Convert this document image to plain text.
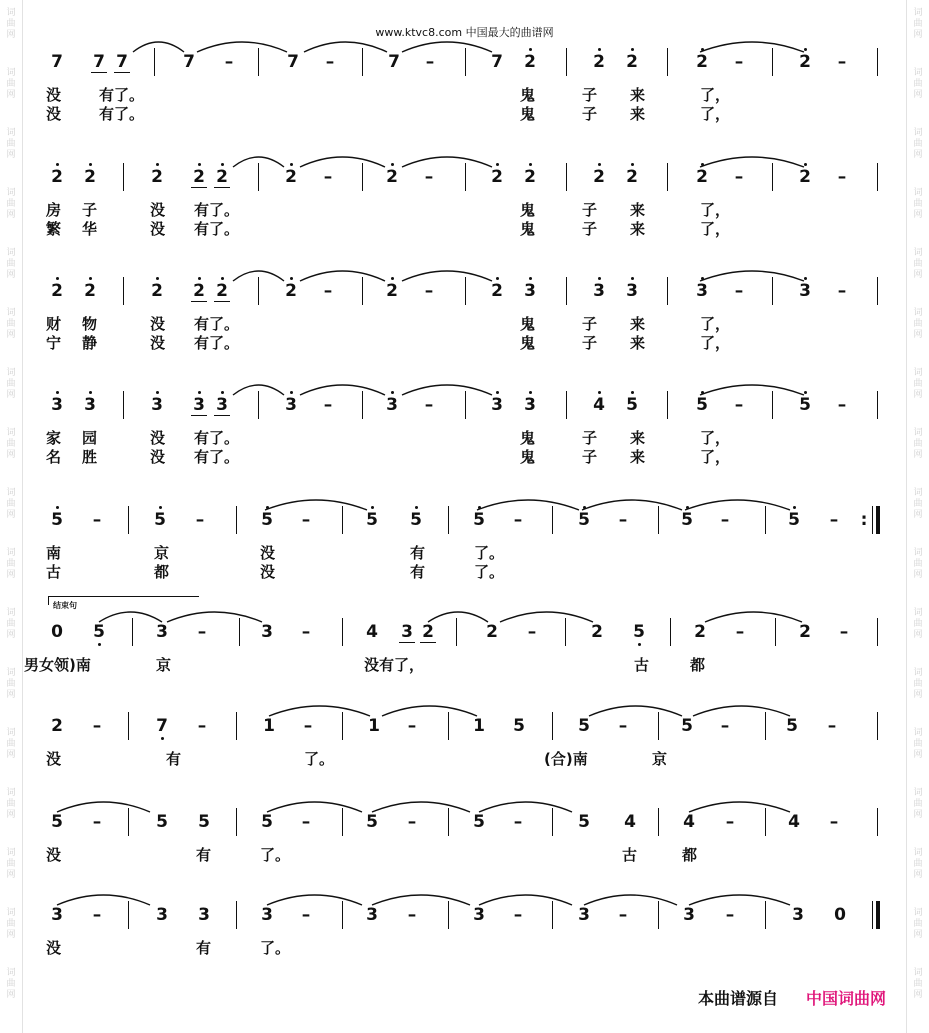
词
曲
网
词
曲
网
词
曲
网
词
曲
网
词
曲
网
词
曲
网
词
曲
网
词
曲
网
词
曲
网
词
曲
网
词
曲
网
词
曲
网
词
曲
网
词
曲
网
词
曲
网
词
曲
网
词
曲
网
词
曲
网
词
曲
网
词
曲
网
词
曲
网
词
曲
网
词
曲
网
词
曲
网
词
曲
网
词
曲
网
词
曲
网
词
曲
网
词
曲
网
词
曲
网
词
曲
网
词
曲
网
词
曲
网
词
曲
网
www.ktvc8.com 中国最大的曲谱网
7 7 7	7	–	7	–	7	–	7 2	2 2	2	–	2	–
没	有了。	鬼	子 来	了，
没	有了。	鬼	子 来	了，
2 2	2 2 2	2	–	2	–	2 2	2 2	2	–	2	–
房 子	没 有了。	鬼	子 来	了，
繁 华	没 有了。	鬼	子 来	了，
2 2	2 2 2	2	–	2	–	2 3	3 3	3	–	3	–
财 物	没 有了。	鬼	子 来	了，
宁 静	没 有了。	鬼	子 来	了，
3 3	3 3 3	3	–	3	–	3 3	4 5	5	–	5	–
家 园	没 有了。	鬼	子 来	了，
名 胜	没 有了。	鬼	子 来	了，
5	–	5	–	5	–	5 5	5	–	5	–	5	–	5	–	:
南	京	没	有	了。
古	都	没	有	了。
0 5	3	–	3	–	4 3 2	2	–	2 5	2	–	2	–
男女领)南	京	没有了，	古	都
2	–	7	–	1	–	1	–	1 5	5	–	5	–	5	–
没	有	了。	(合)南	京
5	–	5 5	5	–	5	–	5	–	5 4	4	–	4	–
没	有	了。	古	都
3	–	3 3	3	–	3	–	3	–	3	–	3	–	3 0
没	有	了。
结束句
本曲谱源自 中国词曲网
